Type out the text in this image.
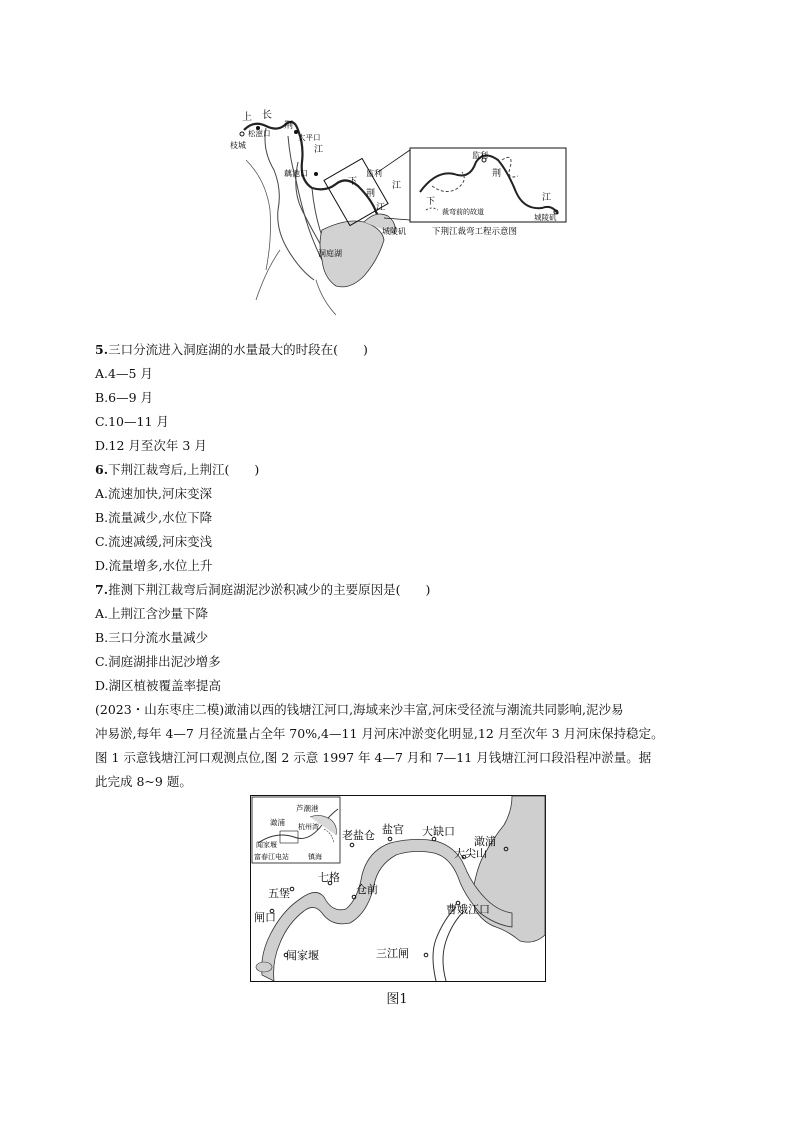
上 长
松滋口	太平口
枝城
荆
江
藕池口
下
监利
荆
江
江
城陵矶
洞庭湖
监利
下
荆
江
城陵矶
裁弯前的故道
下荆江裁弯工程示意图
5.三口分流进入洞庭湖的水量最大的时段在(　　)
A.4—5 月
B.6—9 月
C.10—11 月
D.12 月至次年 3 月
6.下荆江裁弯后,上荆江(　　)
A.流速加快,河床变深
B.流量减少,水位下降
C.流速减缓,河床变浅
D.流量增多,水位上升
7.推测下荆江裁弯后洞庭湖泥沙淤积减少的主要原因是(　　)
A.上荆江含沙量下降
B.三口分流水量减少
C.洞庭湖排出泥沙增多
D.湖区植被覆盖率提高
(2023・山东枣庄二模)澉浦以西的钱塘江河口,海域来沙丰富,河床受径流与潮流共同影响,泥沙易
冲易淤,每年 4—7 月径流量占全年 70%,4—11 月河床冲淤变化明显,12 月至次年 3 月河床保持稳定。
图 1 示意钱塘江河口观测点位,图 2 示意 1997 年 4—7 月和 7—11 月钱塘江河口段沿程冲淤量。据
此完成 8~9 题。
芦潮港
澉浦 杭州湾
闻家堰
富春江电站	镇海
老盐仓 盐官 大缺口
澉浦
大尖山
七格
五堡	仓前
闸口
曹娥江口
闻家堰	三江闸
图1
